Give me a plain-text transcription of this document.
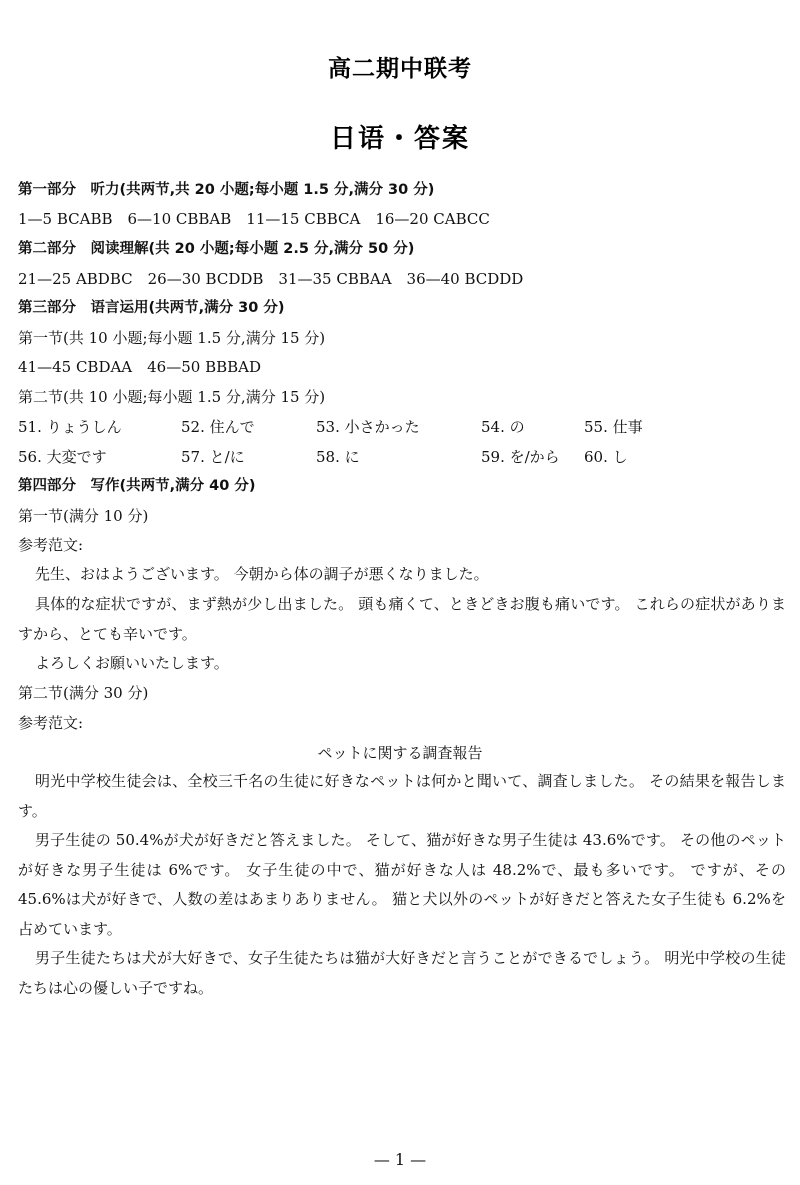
高二期中联考
日语・答案
第一部分　听力(共两节,共 20 小题;每小题 1.5 分,满分 30 分)
1—5 BCABB　6—10 CBBAB　11—15 CBBCA　16—20 CABCC
第二部分　阅读理解(共 20 小题;每小题 2.5 分,满分 50 分)
21—25 ABDBC　26—30 BCDDB　31—35 CBBAA　36—40 BCDDD
第三部分　语言运用(共两节,满分 30 分)
第一节(共 10 小题;每小题 1.5 分,满分 15 分)
41—45 CBDAA　46—50 BBBAD
第二节(共 10 小题;每小题 1.5 分,满分 15 分)
51. りょうしん	52. 住んで	53. 小さかった	54. の	55. 仕事
56. 大変です	57. と/に	58. に	59. を/から 60. し
第四部分　写作(共两节,满分 40 分)
第一节(满分 10 分)
参考范文:
先生、おはようございます。 今朝から体の調子が悪くなりました。
具体的な症状ですが、まず熱が少し出ました。 頭も痛くて、ときどきお腹も痛いです。 これらの症状がありますから、とても辛いです。
よろしくお願いいたします。
第二节(满分 30 分)
参考范文:
ペットに関する調査報告
明光中学校生徒会は、全校三千名の生徒に好きなペットは何かと聞いて、調査しました。 その結果を報告します。
男子生徒の 50.4%が犬が好きだと答えました。 そして、猫が好きな男子生徒は 43.6%です。 その他のペットが好きな男子生徒は 6%です。 女子生徒の中で、猫が好きな人は 48.2%で、最も多いです。 ですが、その 45.6%は犬が好きで、人数の差はあまりありません。 猫と犬以外のペットが好きだと答えた女子生徒も 6.2%を占めています。
男子生徒たちは犬が大好きで、女子生徒たちは猫が大好きだと言うことができるでしょう。 明光中学校の生徒たちは心の優しい子ですね。
— 1 —
